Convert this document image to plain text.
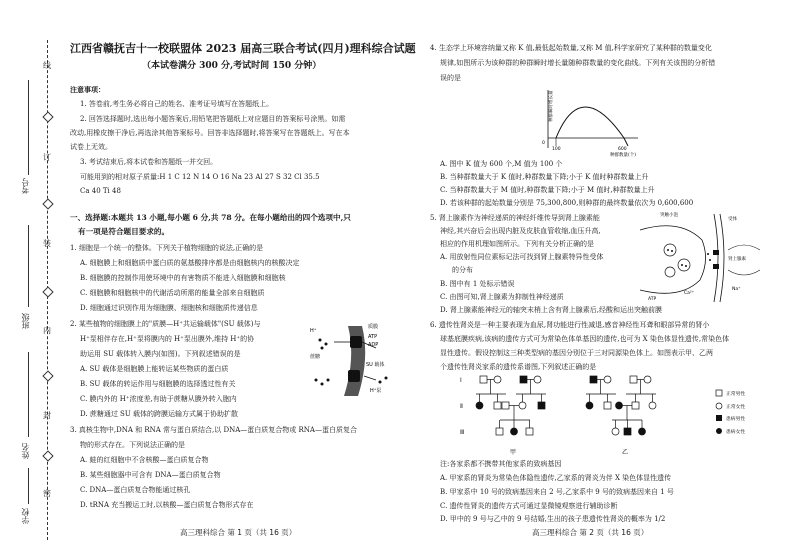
考号
班级
姓名
学校
线
订
装
内
封
密
江西省赣抚吉十一校联盟体 2023 届高三联合考试(四月)理科综合试题
（本试卷满分 300 分,考试时间 150 分钟）
注意事项：
1. 答卷前,考生务必将自己的姓名、准考证号填写在答题纸上。
2. 回答选择题时,选出每小题答案后,用铅笔把答题纸上对应题目的答案标号涂黑。如需
改动,用橡皮擦干净后,再选涂其他答案标号。回答非选择题时,将答案写在答题纸上。写在本
试卷上无效。
3. 考试结束后,将本试卷和答题纸一并交回。
可能用到的相对原子质量:H 1 C 12 N 14 O 16 Na 23 Al 27 S 32 Cl 35.5
Ca 40 Ti 48
一、选择题:本题共 13 小题,每小题 6 分,共 78 分。在每小题给出的四个选项中,只
有一项是符合题目要求的。
1. 细胞是一个统一的整体。下列关于植物细胞的说法,正确的是
A. 细胞膜上和细胞质中蛋白质的氨基酸排序都是由细胞核内的核酸决定
B. 细胞膜的控制作用使环境中的有害物质不能进入细胞膜和细胞核
C. 细胞膜和细胞核中的代谢活动所需的能量全部来自细胞质
D. 细胞通过识别作用为细胞膜、细胞核和细胞质传递信息
2. 某些植物的细胞膜上的"质膜—H⁺共运输载体"(SU 载体)与
H⁺泵相伴存在,H⁺泵将膜内的 H⁺泵出膜外,维持 H⁺的协
助运用 SU 载体转入膜内(如图)。下列叙述错误的是
A. SU 载体是细胞膜上能转运某些物质的蛋白质
B. SU 载体的转运作用与细胞膜的选择透过性有关
C. 膜内外的 H⁺浓度差,有助于蔗糖从膜外转入胞内
D. 蔗糖通过 SU 载体的跨膜运输方式属于协助扩散
H⁺
蔗糖
质膜
ATP
ADP
SU 载体
H⁺泵
3. 真核生物中,DNA 和 RNA 常与蛋白质结合,以 DNA—蛋白质复合物或 RNA—蛋白质复合
物的形式存在。下列说法正确的是
A. 蛙的红细胞中不含核酸—蛋白质复合物
B. 某些细胞器中可含有 DNA—蛋白质复合物
C. DNA—蛋白质复合物能通过核孔
D. tRNA 充当搬运工时,以核酸—蛋白质复合物形式存在
高三理科综合 第 1 页（共 16 页）
4. 生态学上环境容纳量又称 K 值,最低起始数量,又称 M 值,科学家研究了某种群的数量变化
规律,如图所示为该种群的种群瞬时增长量随种群数量的变化曲线。下列有关该图的分析错
误的是
种群瞬时增长量
0
100	600
种群数量(个)
A. 图中 K 值为 600 个,M 值为 100 个
B. 当种群数量大于 K 值时,种群数量下降;小于 K 值时种群数量上升
C. 当种群数量大于 M 值时,种群数量下降;小于 M 值时,种群数量上升
D. 若该种群的起始数量分别是 75,300,800,则种群的最终数量依次为 0,600,600
5. 肾上腺素作为神经递质的神经纤维传导到肾上腺素能
神经,其兴奋后会出现内脏及皮肤血管收缩,血压升高,
相应的作用机理如图所示。下列有关分析正确的是
A. 用放射性同位素标记法可找到肾上腺素特异性受体
的分布
B. 图中有 1 处标示错误
C. 由图可知,肾上腺素为抑制性神经递质
D. 肾上腺素能神经元的轴突末梢上含有肾上腺素后,经酸和运出突触前膜
突触小泡
受体
肾上腺素
ATP
Na⁺
Ca²⁺
6. 遗传性肾炎是一种主要表现为血尿,肾功能进行性减退,感音神经性耳聋和眼部异常的肾小
球基底膜疾病,该病的遗传方式可为常染色体单基因的遗传,也可为 X 染色体显性遗传,常染色体
显性遗传。假设控制这三种类型病的基因分别位于三对同源染色体上。如图表示甲、乙两
个遗传性肾炎家系的遗传系谱图,下列叙述正确的是
Ⅰ
Ⅱ
Ⅲ
甲	乙
正常男性
正常女性
患病男性
患病女性
注:各家系都不携带其他家系的致病基因
A. 甲家系的肾炎为常染色体隐性遗传,乙家系的肾炎为伴 X 染色体显性遗传
B. 甲家系中 10 号的致病基因来自 2 号,乙家系中 9 号的致病基因来自 1 号
C. 遗传性肾炎的遗传方式可通过显微镜观察进行辅助诊断
D. 甲中的 9 号与乙中的 9 号结婚,生出的孩子患遗传性肾炎的概率为 1/2
高三理科综合 第 2 页（共 16 页）
